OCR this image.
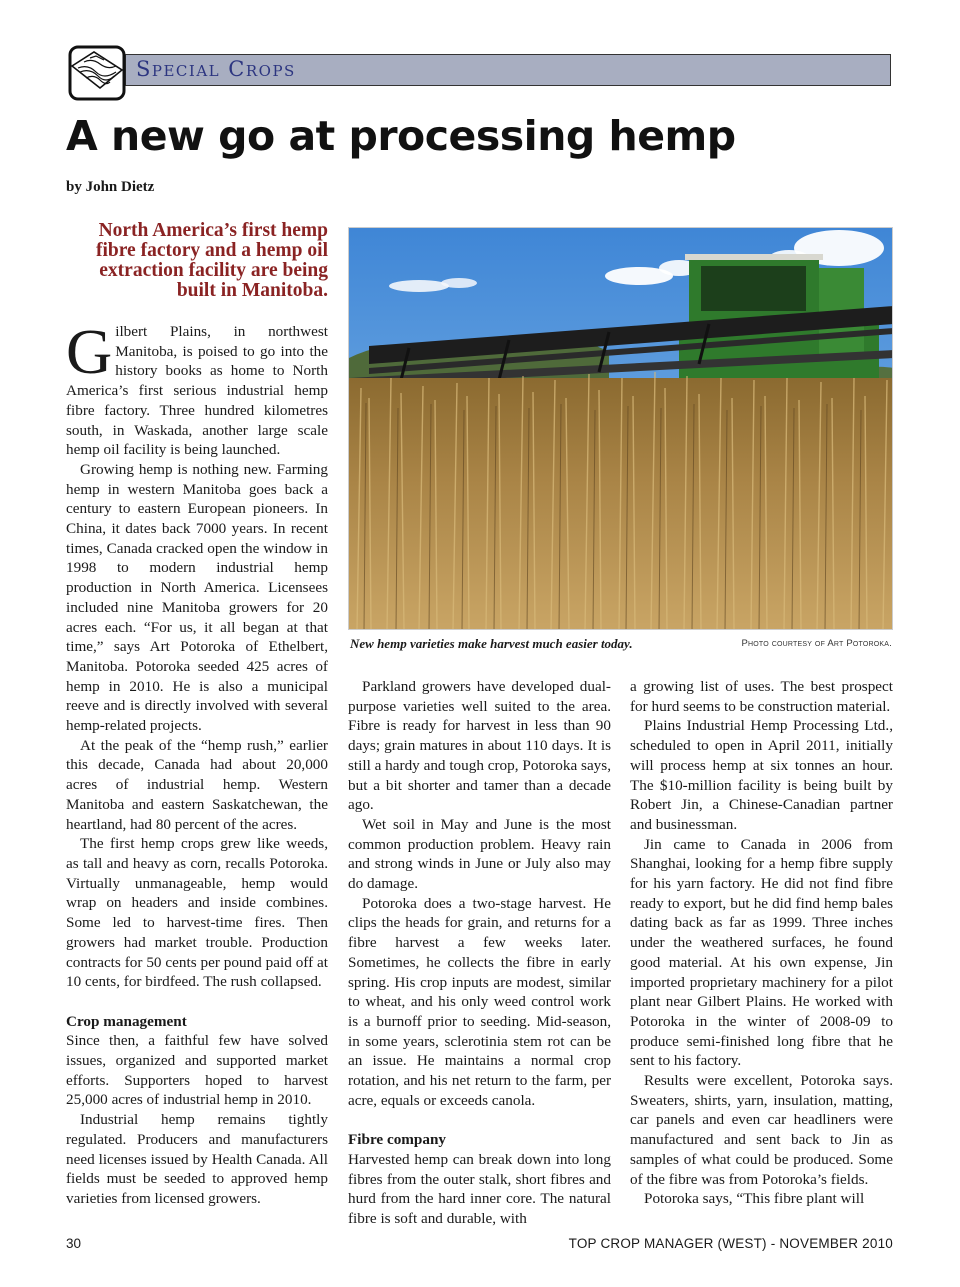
Special Crops
A new go at processing hemp
by John Dietz
North America’s first hemp fibre factory and a hemp oil extraction facility are being built in Manitoba.

Gilbert Plains, in northwest Manitoba, is poised to go into the history books as home to North America’s first serious industrial hemp fibre factory. Three hundred kilometres south, in Waskada, another large scale hemp oil facility is being launched.

Growing hemp is nothing new. Farming hemp in western Manitoba goes back a century to eastern European pioneers. In China, it dates back 7000 years. In recent times, Canada cracked open the window in 1998 to modern industrial hemp production in North America. Licensees included nine Manitoba growers for 20 acres each. “For us, it all began at that time,” says Art Potoroka of Ethelbert, Manitoba. Potoroka seeded 425 acres of hemp in 2010. He is also a municipal reeve and is directly involved with several hemp-related projects.

At the peak of the “hemp rush,” earlier this decade, Canada had about 20,000 acres of industrial hemp. Western Manitoba and eastern Saskatchewan, the heartland, had 80 percent of the acres.

The first hemp crops grew like weeds, as tall and heavy as corn, recalls Potoroka. Virtually unmanageable, hemp would wrap on headers and inside combines. Some led to harvest-time fires. Then growers had market trouble. Production contracts for 50 cents per pound paid off at 10 cents, for birdfeed. The rush collapsed.

Crop management

Since then, a faithful few have solved issues, organized and supported market efforts. Supporters hoped to harvest 25,000 acres of industrial hemp in 2010.

Industrial hemp remains tightly regulated. Producers and manufacturers need licenses issued by Health Canada. All fields must be seeded to approved hemp varieties from licensed growers.

New hemp varieties make harvest much easier today.	Photo courtesy of Art Potoroka.

Parkland growers have developed dual-purpose varieties well suited to the area. Fibre is ready for harvest in less than 90 days; grain matures in about 110 days. It is still a hardy and tough crop, Potoroka says, but a bit shorter and tamer than a decade ago.

Wet soil in May and June is the most common production problem. Heavy rain and strong winds in June or July also may do damage.

Potoroka does a two-stage harvest. He clips the heads for grain, and returns for a fibre harvest a few weeks later. Sometimes, he collects the fibre in early spring. His crop inputs are modest, similar to wheat, and his only weed control work is a burnoff prior to seeding. Mid-season, in some years, sclerotinia stem rot can be an issue. He maintains a normal crop rotation, and his net return to the farm, per acre, equals or exceeds canola.

Fibre company

Harvested hemp can break down into long fibres from the outer stalk, short fibres and hurd from the hard inner core. The natural fibre is soft and durable, with

a growing list of uses. The best prospect for hurd seems to be construction material.

Plains Industrial Hemp Processing Ltd., scheduled to open in April 2011, initially will process hemp at six tonnes an hour. The $10-million facility is being built by Robert Jin, a Chinese-Canadian partner and businessman.

Jin came to Canada in 2006 from Shanghai, looking for a hemp fibre supply for his yarn factory. He did not find fibre ready to export, but he did find hemp bales dating back as far as 1999. Three inches under the weathered surfaces, he found good material. At his own expense, Jin imported proprietary machinery for a pilot plant near Gilbert Plains. He worked with Potoroka in the winter of 2008-09 to produce semi-finished long fibre that he sent to his factory.

Results were excellent, Potoroka says. Sweaters, shirts, yarn, insulation, matting, car panels and even car headliners were manufactured and sent back to Jin as samples of what could be produced. Some of the fibre was from Potoroka’s fields.

Potoroka says, “This fibre plant will

30	TOP CROP MANAGER (WEST) - NOVEMBER 2010
